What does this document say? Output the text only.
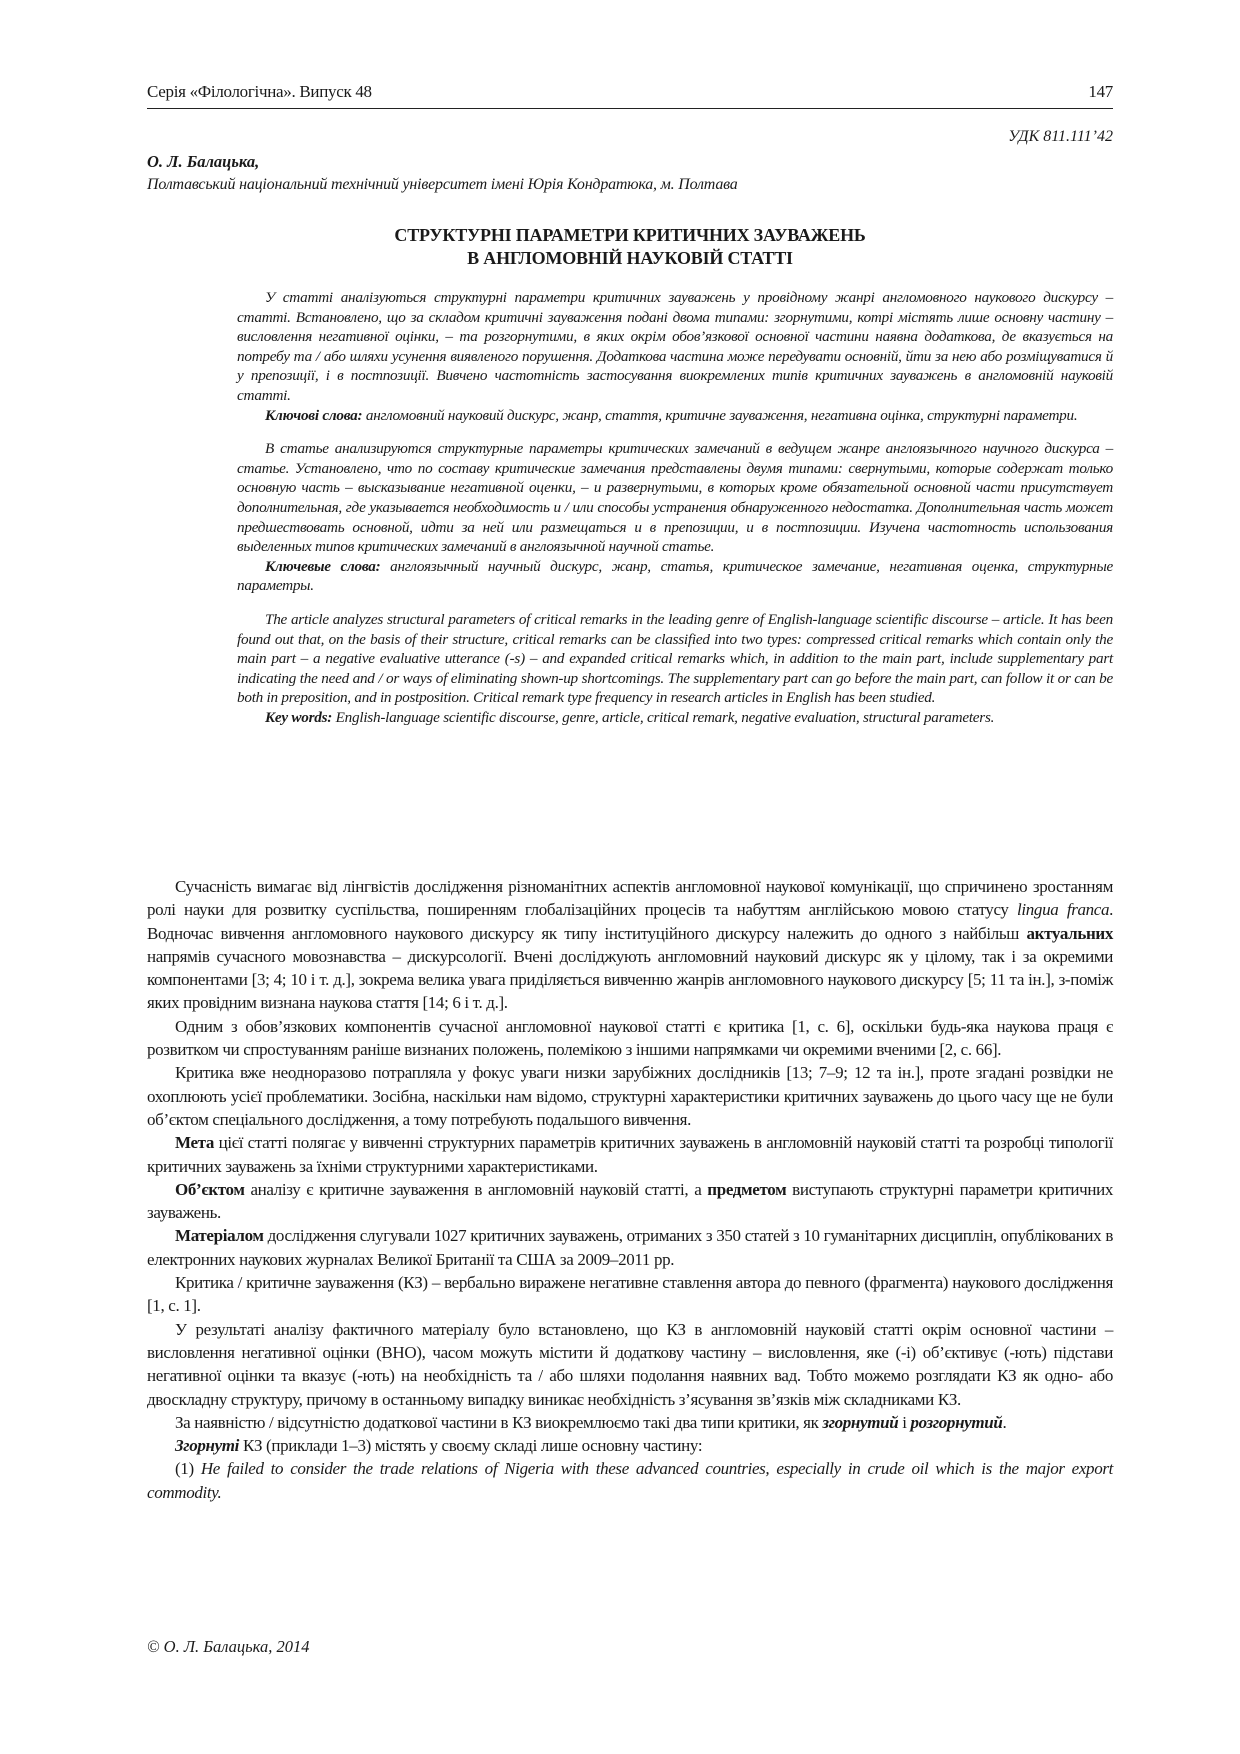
Серія «Філологічна». Випуск 48	147
УДК 811.111’42
О. Л. Балацька,
Полтавський національний технічний університет імені Юрія Кондратюка, м. Полтава
СТРУКТУРНІ ПАРАМЕТРИ КРИТИЧНИХ ЗАУВАЖЕНЬ
В АНГЛОМОВНІЙ НАУКОВІЙ СТАТТІ

У статті аналізуються структурні параметри критичних зауважень у провідному жанрі англомовного наукового дискурсу – статті. Встановлено, що за складом критичні зауваження подані двома типами: згорнутими, котрі містять лише основну частину – висловлення негативної оцінки, – та розгорнутими, в яких окрім обов’язкової основної частини наявна додаткова, де вказується на потребу та / або шляхи усунення виявленого порушення. Додаткова частина може передувати основній, йти за нею або розміщуватися й у препозиції, і в постпозиції. Вивчено частотність застосування виокремлених типів критичних зауважень в англомовній науковій статті.

Ключові слова: англомовний науковий дискурс, жанр, стаття, критичне зауваження, негативна оцінка, структурні параметри.

В статье анализируются структурные параметры критических замечаний в ведущем жанре англоязычного научного дискурса – статье. Установлено, что по составу критические замечания представлены двумя типами: свернутыми, которые содержат только основную часть – высказывание негативной оценки, – и развернутыми, в которых кроме обязательной основной части присутствует дополнительная, где указывается необходимость и / или способы устранения обнаруженного недостатка. Дополнительная часть может предшествовать основной, идти за ней или размещаться и в препозиции, и в постпозиции. Изучена частотность использования выделенных типов критических замечаний в англоязычной научной статье.

Ключевые слова: англоязычный научный дискурс, жанр, статья, критическое замечание, негативная оценка, структурные параметры.

The article analyzes structural parameters of critical remarks in the leading genre of English-language scientific discourse – article. It has been found out that, on the basis of their structure, critical remarks can be classified into two types: compressed critical remarks which contain only the main part – a negative evaluative utterance (-s) – and expanded critical remarks which, in addition to the main part, include supplementary part indicating the need and / or ways of eliminating shown-up shortcomings. The supplementary part can go before the main part, can follow it or can be both in preposition, and in postposition. Critical remark type frequency in research articles in English has been studied.

Key words: English-language scientific discourse, genre, article, critical remark, negative evaluation, structural parameters.

Сучасність вимагає від лінгвістів дослідження різноманітних аспектів англомовної наукової комунікації, що спричинено зростанням ролі науки для розвитку суспільства, поширенням глобалізаційних процесів та набуттям англійською мовою статусу lingua franca. Водночас вивчення англомовного наукового дискурсу як типу інституційного дискурсу належить до одного з найбільш актуальних напрямів сучасного мовознавства – дискурсології. Вчені досліджують англомовний науковий дискурс як у цілому, так і за окремими компонентами [3; 4; 10 і т. д.], зокрема велика увага приділяється вивченню жанрів англомовного наукового дискурсу [5; 11 та ін.], з-поміж яких провідним визнана наукова стаття [14; 6 і т. д.].

Одним з обов’язкових компонентів сучасної англомовної наукової статті є критика [1, с. 6], оскільки будь-яка наукова праця є розвитком чи спростуванням раніше визнаних положень, полемікою з іншими напрямками чи окремими вченими [2, с. 66].

Критика вже неодноразово потрапляла у фокус уваги низки зарубіжних дослідників [13; 7–9; 12 та ін.], проте згадані розвідки не охоплюють усієї проблематики. Зосібна, наскільки нам відомо, структурні характеристики критичних зауважень до цього часу ще не були об’єктом спеціального дослідження, а тому потребують подальшого вивчення.

Мета цієї статті полягає у вивченні структурних параметрів критичних зауважень в англомовній науковій статті та розробці типології критичних зауважень за їхніми структурними характеристиками.

Об’єктом аналізу є критичне зауваження в англомовній науковій статті, а предметом виступають структурні параметри критичних зауважень.

Матеріалом дослідження слугували 1027 критичних зауважень, отриманих з 350 статей з 10 гуманітарних дисциплін, опублікованих в електронних наукових журналах Великої Британії та США за 2009–2011 рр.

Критика / критичне зауваження (КЗ) – вербально виражене негативне ставлення автора до певного (фрагмента) наукового дослідження [1, с. 1].

У результаті аналізу фактичного матеріалу було встановлено, що КЗ в англомовній науковій статті окрім основної частини – висловлення негативної оцінки (ВНО), часом можуть містити й додаткову частину – висловлення, яке (-і) об’єктивує (-ють) підстави негативної оцінки та вказує (-ють) на необхідність та / або шляхи подолання наявних вад. Тобто можемо розглядати КЗ як одно- або двоскладну структуру, причому в останньому випадку виникає необхідність з’ясування зв’язків між складниками КЗ.

За наявністю / відсутністю додаткової частини в КЗ виокремлюємо такі два типи критики, як згорнутий і розгорнутий.

Згорнуті КЗ (приклади 1–3) містять у своєму складі лише основну частину:

(1) He failed to consider the trade relations of Nigeria with these advanced countries, especially in crude oil which is the major export commodity.

© О. Л. Балацька, 2014
